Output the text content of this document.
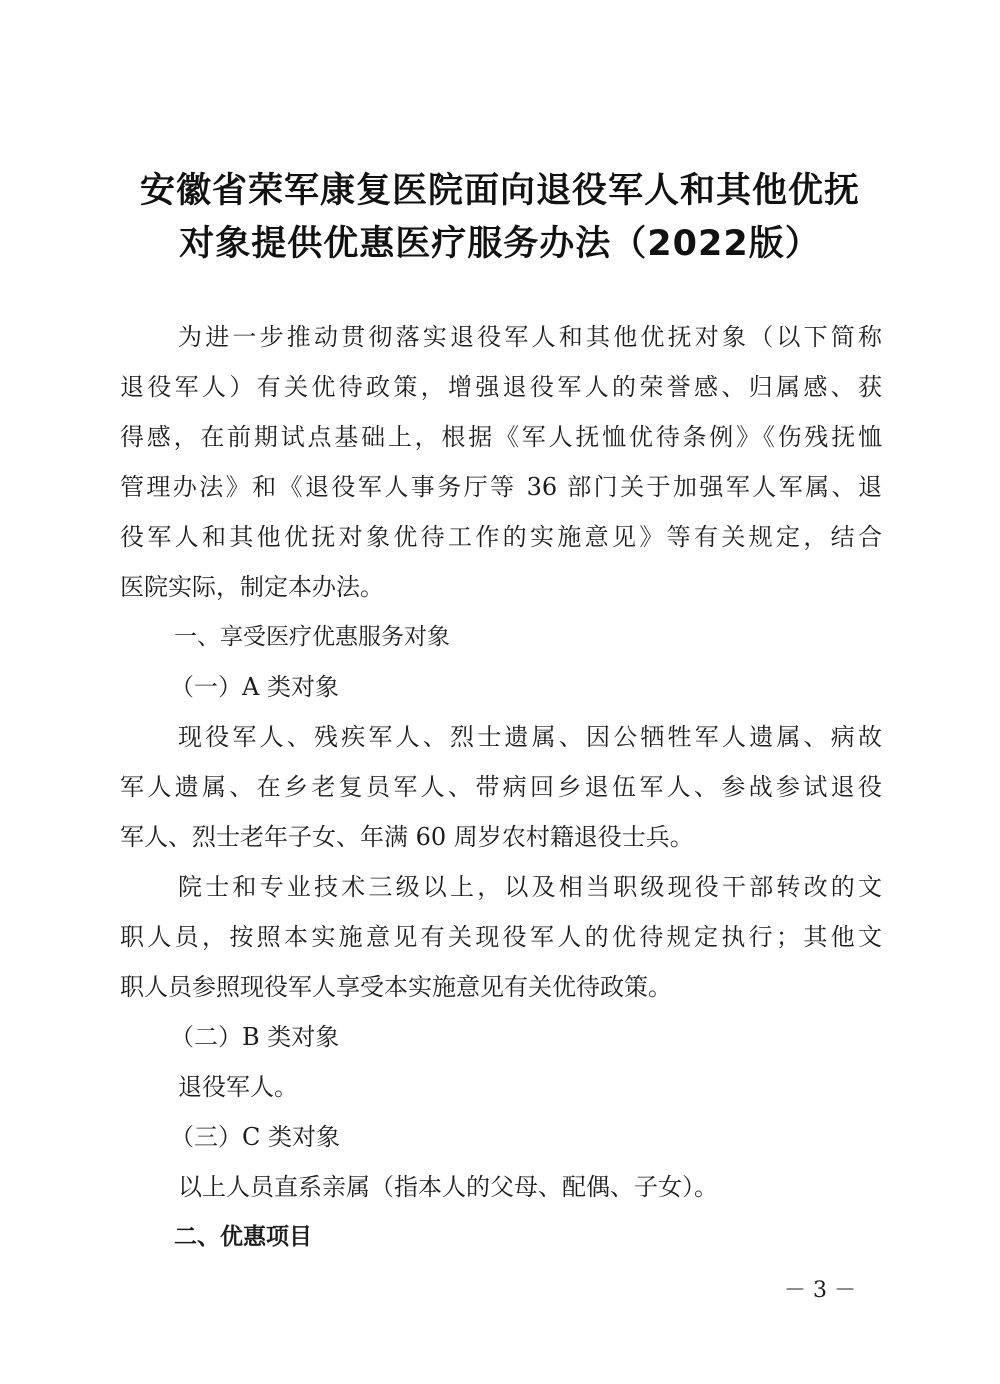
安徽省荣军康复医院面向退役军人和其他优抚
对象提供优惠医疗服务办法（2022版）
为进一步推动贯彻落实退役军人和其他优抚对象（以下简称
退役军人）有关优待政策，增强退役军人的荣誉感、归属感、获
得感，在前期试点基础上，根据《军人抚恤优待条例》《伤残抚恤
管理办法》和《退役军人事务厅等 36 部门关于加强军人军属、退
役军人和其他优抚对象优待工作的实施意见》等有关规定，结合
医院实际，制定本办法。
一、享受医疗优惠服务对象
（一）A 类对象
现役军人、残疾军人、烈士遗属、因公牺牲军人遗属、病故
军人遗属、在乡老复员军人、带病回乡退伍军人、参战参试退役
军人、烈士老年子女、年满 60 周岁农村籍退役士兵。
院士和专业技术三级以上，以及相当职级现役干部转改的文
职人员，按照本实施意见有关现役军人的优待规定执行；其他文
职人员参照现役军人享受本实施意见有关优待政策。
（二）B 类对象
退役军人。
（三）C 类对象
以上人员直系亲属（指本人的父母、配偶、子女）。
二、优惠项目
－ 3 －
